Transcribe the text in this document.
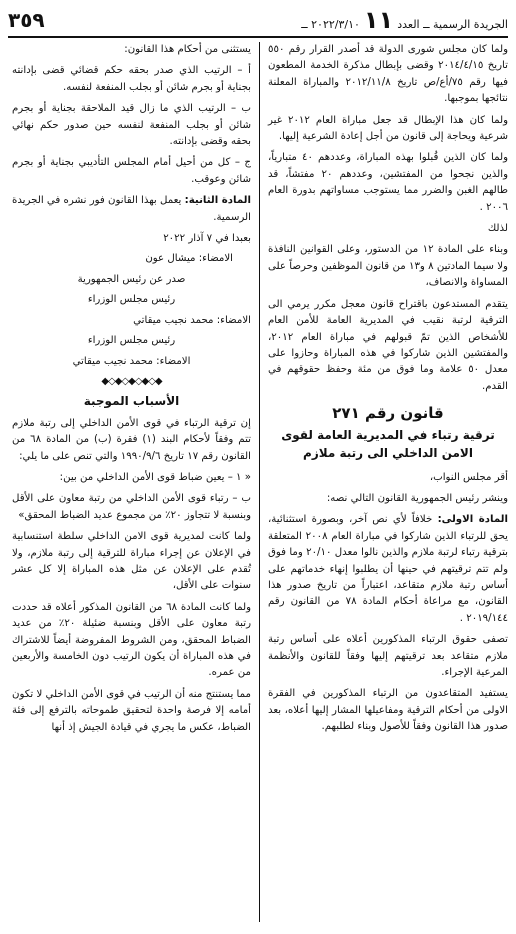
الجريدة الرسمية ــ العدد
١١
٢٠٢٢/٣/١٠ ــ
٣٥٩

ولما كان مجلس شورى الدولة قد أصدر القرار رقم ٥٥٠ تاريخ ٢٠١٤/٤/١٥ وقضى بإبطال مذكرة الخدمة المطعون فيها رقم ٧٥/أع/ص تاريخ ٢٠١٢/١١/٨ والمباراة المعلنة نتائجها بموجبها.

ولما كان هذا الإبطال قد جعل مباراة العام ٢٠١٢ غير شرعية ويحاجة إلى قانون من أجل إعادة الشرعية إليها.

ولما كان الذين قُبلوا بهذه المباراة، وعددهم ٤٠ متبارياً، والذين نجحوا من المفتشين، وعددهم ٢٠ مفتشاً، قد طالهم الغبن والضرر مما يستوجب مساواتهم بدورة العام ٢٠٠٦ .

لذلك

وبناء على المادة ١٢ من الدستور، وعلى القوانين النافذة ولا سيما المادتين ٨ و١٣ من قانون الموظفين وحرصاً على المساواة والانصاف،

يتقدم المستدعون باقتراح قانون معجل مكرر يرمي الى الترقية لرتبة نقيب في المديرية العامة للأمن العام للأشخاص الذين تمّ قبولهم في مباراة العام ٢٠١٢، والمفتشين الذين شاركوا في هذه المباراة وحازوا على معدل ٥٠ علامة وما فوق من مئة وحفظ حقوقهم في القدم.

قانون رقم ٢٧١
ترقية رتباء في المديرية العامة لقوى الامن الداخلي الى رتبة ملازم

أقر مجلس النواب،

وينشر رئيس الجمهورية القانون التالي نصه:

المادة الاولى: خلافاً لأي نص آخر، وبصورة استثنائية، يحق للرتباء الذين شاركوا في مباراة العام ٢٠٠٨ المتعلقة بترقية رتباء لرتبة ملازم والذين نالوا معدل ٢٠/١٠ وما فوق ولم تتم ترقيتهم في حينها أن يطلبوا إنهاء خدماتهم على أساس رتبة ملازم متقاعد، اعتباراً من تاريخ صدور هذا القانون، مع مراعاة أحكام المادة ٧٨ من القانون رقم ٢٠١٩/١٤٤ .

تصفى حقوق الرتباء المذكورين أعلاه على أساس رتبة ملازم متقاعد بعد ترقيتهم إليها وفقاً للقانون والأنظمة المرعية الإجراء.

يستفيد المتقاعدون من الرتباء المذكورين في الفقرة الاولى من أحكام الترقية ومفاعيلها المشار إليها أعلاه، بعد صدور هذا القانون وفقاً للأصول وبناء لطلبهم.

يستثنى من أحكام هذا القانون:

أ – الرتيب الذي صدر بحقه حكم قضائي قضى بإدانته بجناية أو بجرم شائن أو بجلب المنفعة لنفسه.

ب – الرتيب الذي ما زال قيد الملاحقة بجناية أو بجرم شائن أو بجلب المنفعة لنفسه حين صدور حكم نهائي بحقه وقضى بإدانته.

ج – كل من أحيل أمام المجلس التأديبي بجناية أو بجرم شائن وعوقب.

المادة الثانية: يعمل بهذا القانون فور نشره في الجريدة الرسمية.

بعبدا في ٧ آذار ٢٠٢٢

الامضاء: ميشال عون

صدر عن رئيس الجمهورية

رئيس مجلس الوزراء

الامضاء: محمد نجيب ميقاتي

رئيس مجلس الوزراء

الامضاء: محمد نجيب ميقاتي

◆◇◆◇◆◇◆◇◆
الأسباب الموجبة

إن ترقية الرتباء في قوى الأمن الداخلي إلى رتبة ملازم تتم وفقاً لأحكام البند (١) فقرة (ب) من المادة ٦٨ من القانون رقم ١٧ تاريخ ١٩٩٠/٩/٦ والتي تنص على ما يلي:

« ١ – يعين ضباط قوى الأمن الداخلي من بين:

ب – رتباء قوى الأمن الداخلي من رتبة معاون على الأقل وبنسبة لا تتجاوز ٢٠٪ من مجموع عديد الضباط المحقق»

ولما كانت لمديرية قوى الامن الداخلي سلطة استنسابية في الإعلان عن إجراء مباراة للترقية إلى رتبة ملازم، ولا تُقدم على الإعلان عن مثل هذه المباراة إلا كل عشر سنوات على الأقل،

ولما كانت المادة ٦٨ من القانون المذكور أعلاه قد حددت رتبة معاون على الأقل وبنسبة ضئيلة ٢٠٪ من عديد الضباط المحقق، ومن الشروط المفروضة أيضاً للاشتراك في هذه المباراة أن يكون الرتيب دون الخامسة والأربعين من عمره.

مما يستنتج منه أن الرتيب في قوى الأمن الداخلي لا تكون أمامه إلا فرصة واحدة لتحقيق طموحاته بالترفع إلى فئة الضباط، عكس ما يجري في قيادة الجيش إذ أنها
